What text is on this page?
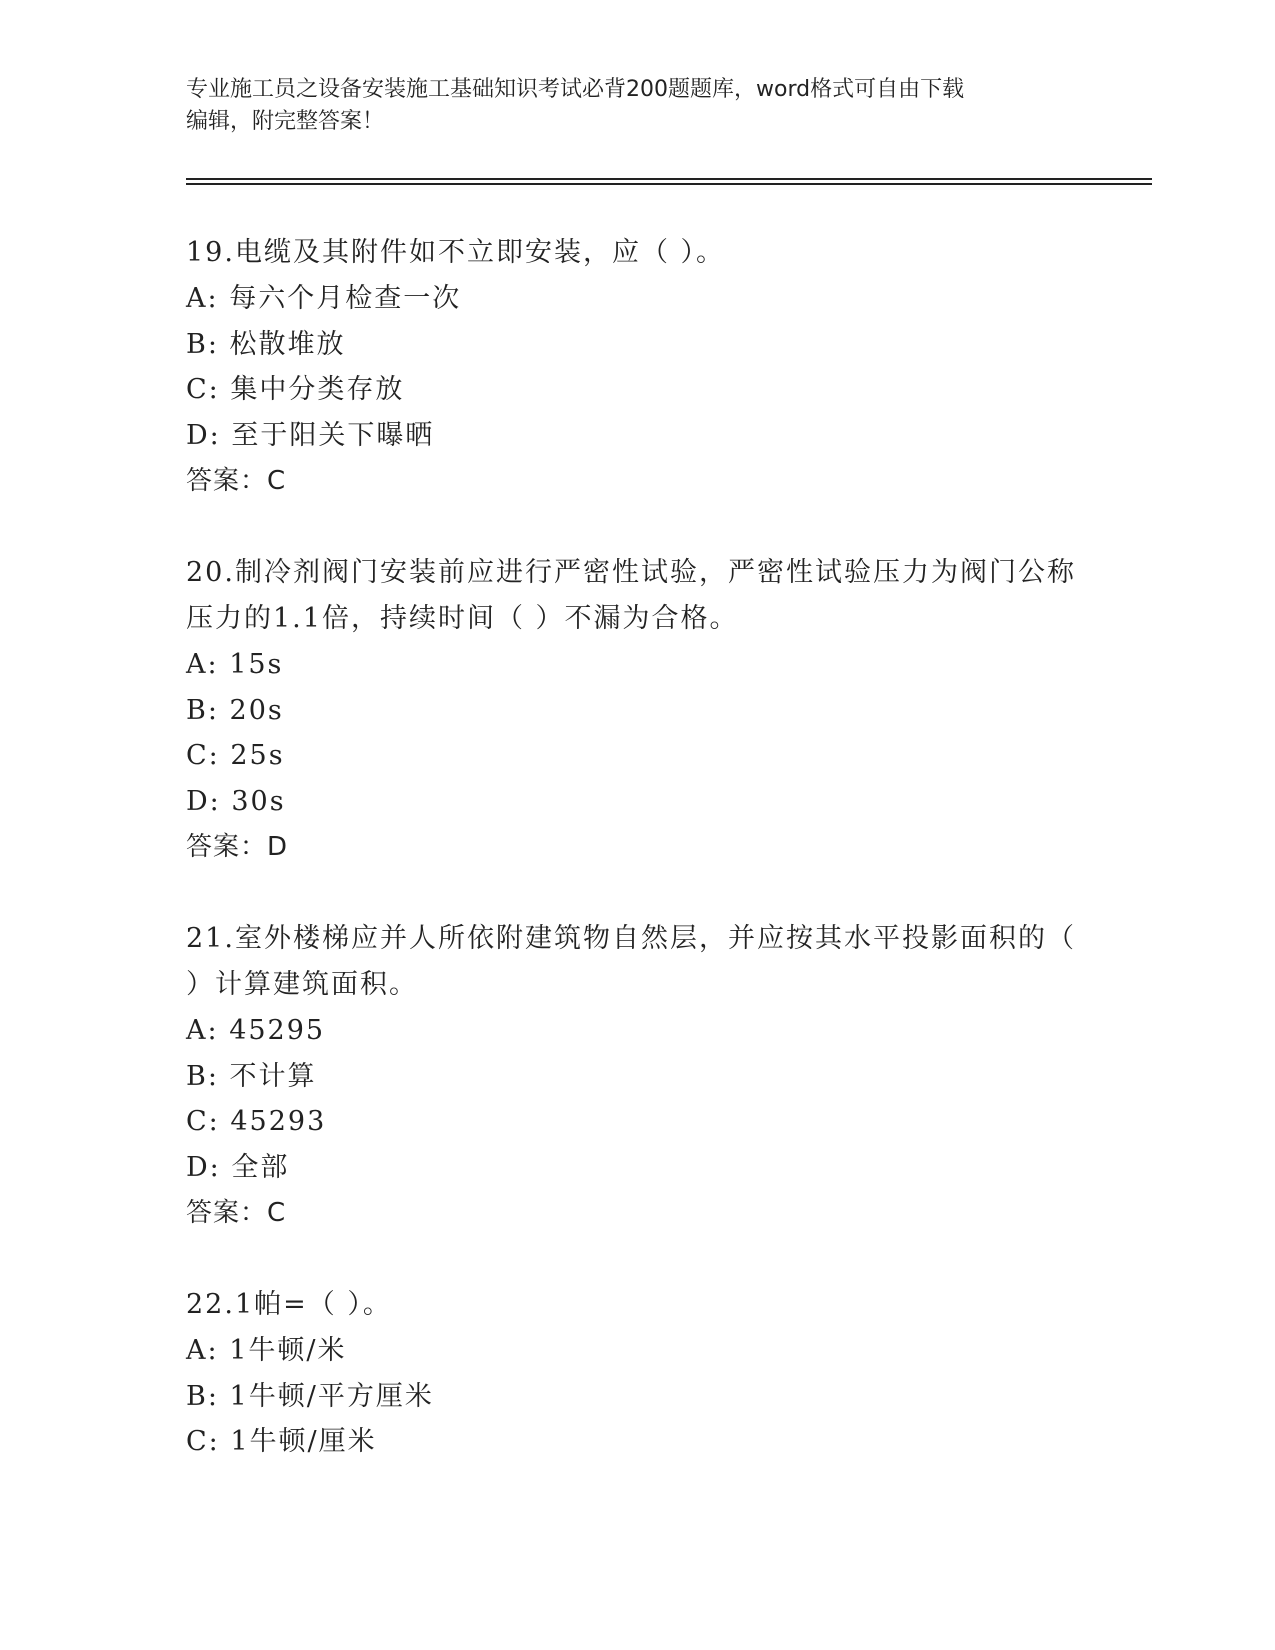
专业施工员之设备安装施工基础知识考试必背200题题库，word格式可自由下载
编辑，附完整答案！
19.电缆及其附件如不立即安装，应（ ）。
A: 每六个月检查一次
B: 松散堆放
C: 集中分类存放
D: 至于阳关下曝晒
答案：C
20.制冷剂阀门安装前应进行严密性试验，严密性试验压力为阀门公称
压力的1.1倍，持续时间（ ）不漏为合格。
A: 15s
B: 20s
C: 25s
D: 30s
答案：D
21.室外楼梯应并人所依附建筑物自然层，并应按其水平投影面积的（
）计算建筑面积。
A: 45295
B: 不计算
C: 45293
D: 全部
答案：C
22.1帕=（ ）。
A: 1牛顿/米
B: 1牛顿/平方厘米
C: 1牛顿/厘米
